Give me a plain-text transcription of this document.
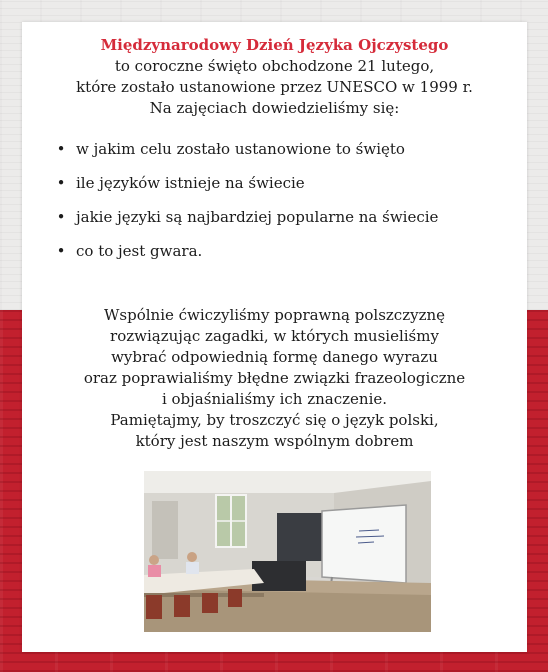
Międzynarodowy Dzień Języka Ojczystego
to coroczne święto obchodzone 21 lutego,
które zostało ustanowione przez UNESCO w 1999 r.
Na zajęciach dowiedzieliśmy się:
• w jakim celu zostało ustanowione to święto
• ile języków istnieje na świecie
• jakie języki są najbardziej popularne na świecie
• co to jest gwara.
Wspólnie ćwiczyliśmy poprawną polszczyznę
rozwiązując zagadki, w których musieliśmy
wybrać odpowiednią formę danego wyrazu
oraz poprawialiśmy błędne związki frazeologiczne
i objaśnialiśmy ich znaczenie.
Pamiętajmy, by troszczyć się o język polski,
który jest naszym wspólnym dobrem
